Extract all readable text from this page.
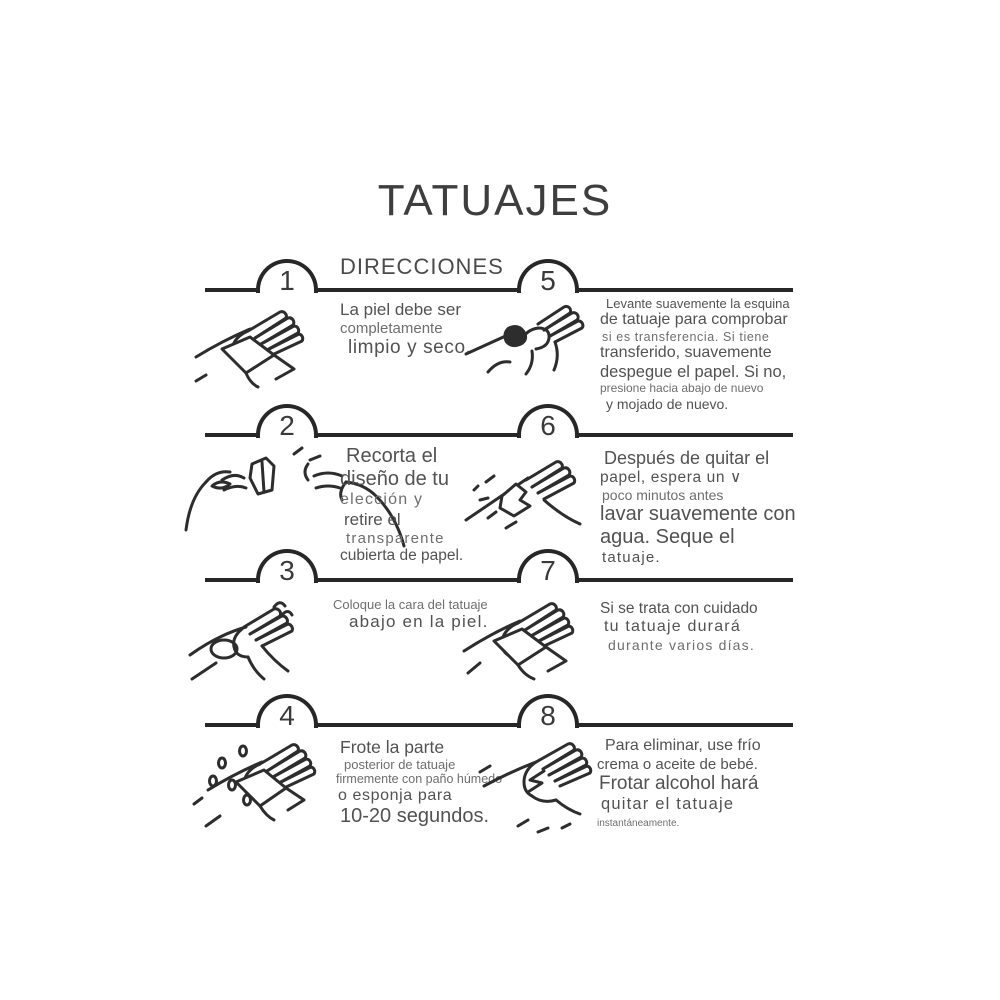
TATUAJES
DIRECCIONES
1	5
La piel debe ser
completamente
limpio y seco.
Levante suavemente la esquina
de tatuaje para comprobar
si es transferencia. Si tiene
transferido, suavemente
despegue el papel. Si no,
presione hacia abajo de nuevo
y mojado de nuevo.
2	6
Recorta el
diseño de tu
elección y
retire el
transparente
cubierta de papel.
Después de quitar el
papel, espera un ∨
poco minutos antes
lavar suavemente con
agua. Seque el
tatuaje.
3	7
Coloque la cara del tatuaje
abajo en la piel.
Si se trata con cuidado
tu tatuaje durará
durante varios días.
4	8
Frote la parte
posterior de tatuaje
firmemente con paño húmedo
o esponja para
10-20 segundos.
Para eliminar, use frío
crema o aceite de bebé.
Frotar alcohol hará
quitar el tatuaje
instantáneamente.
